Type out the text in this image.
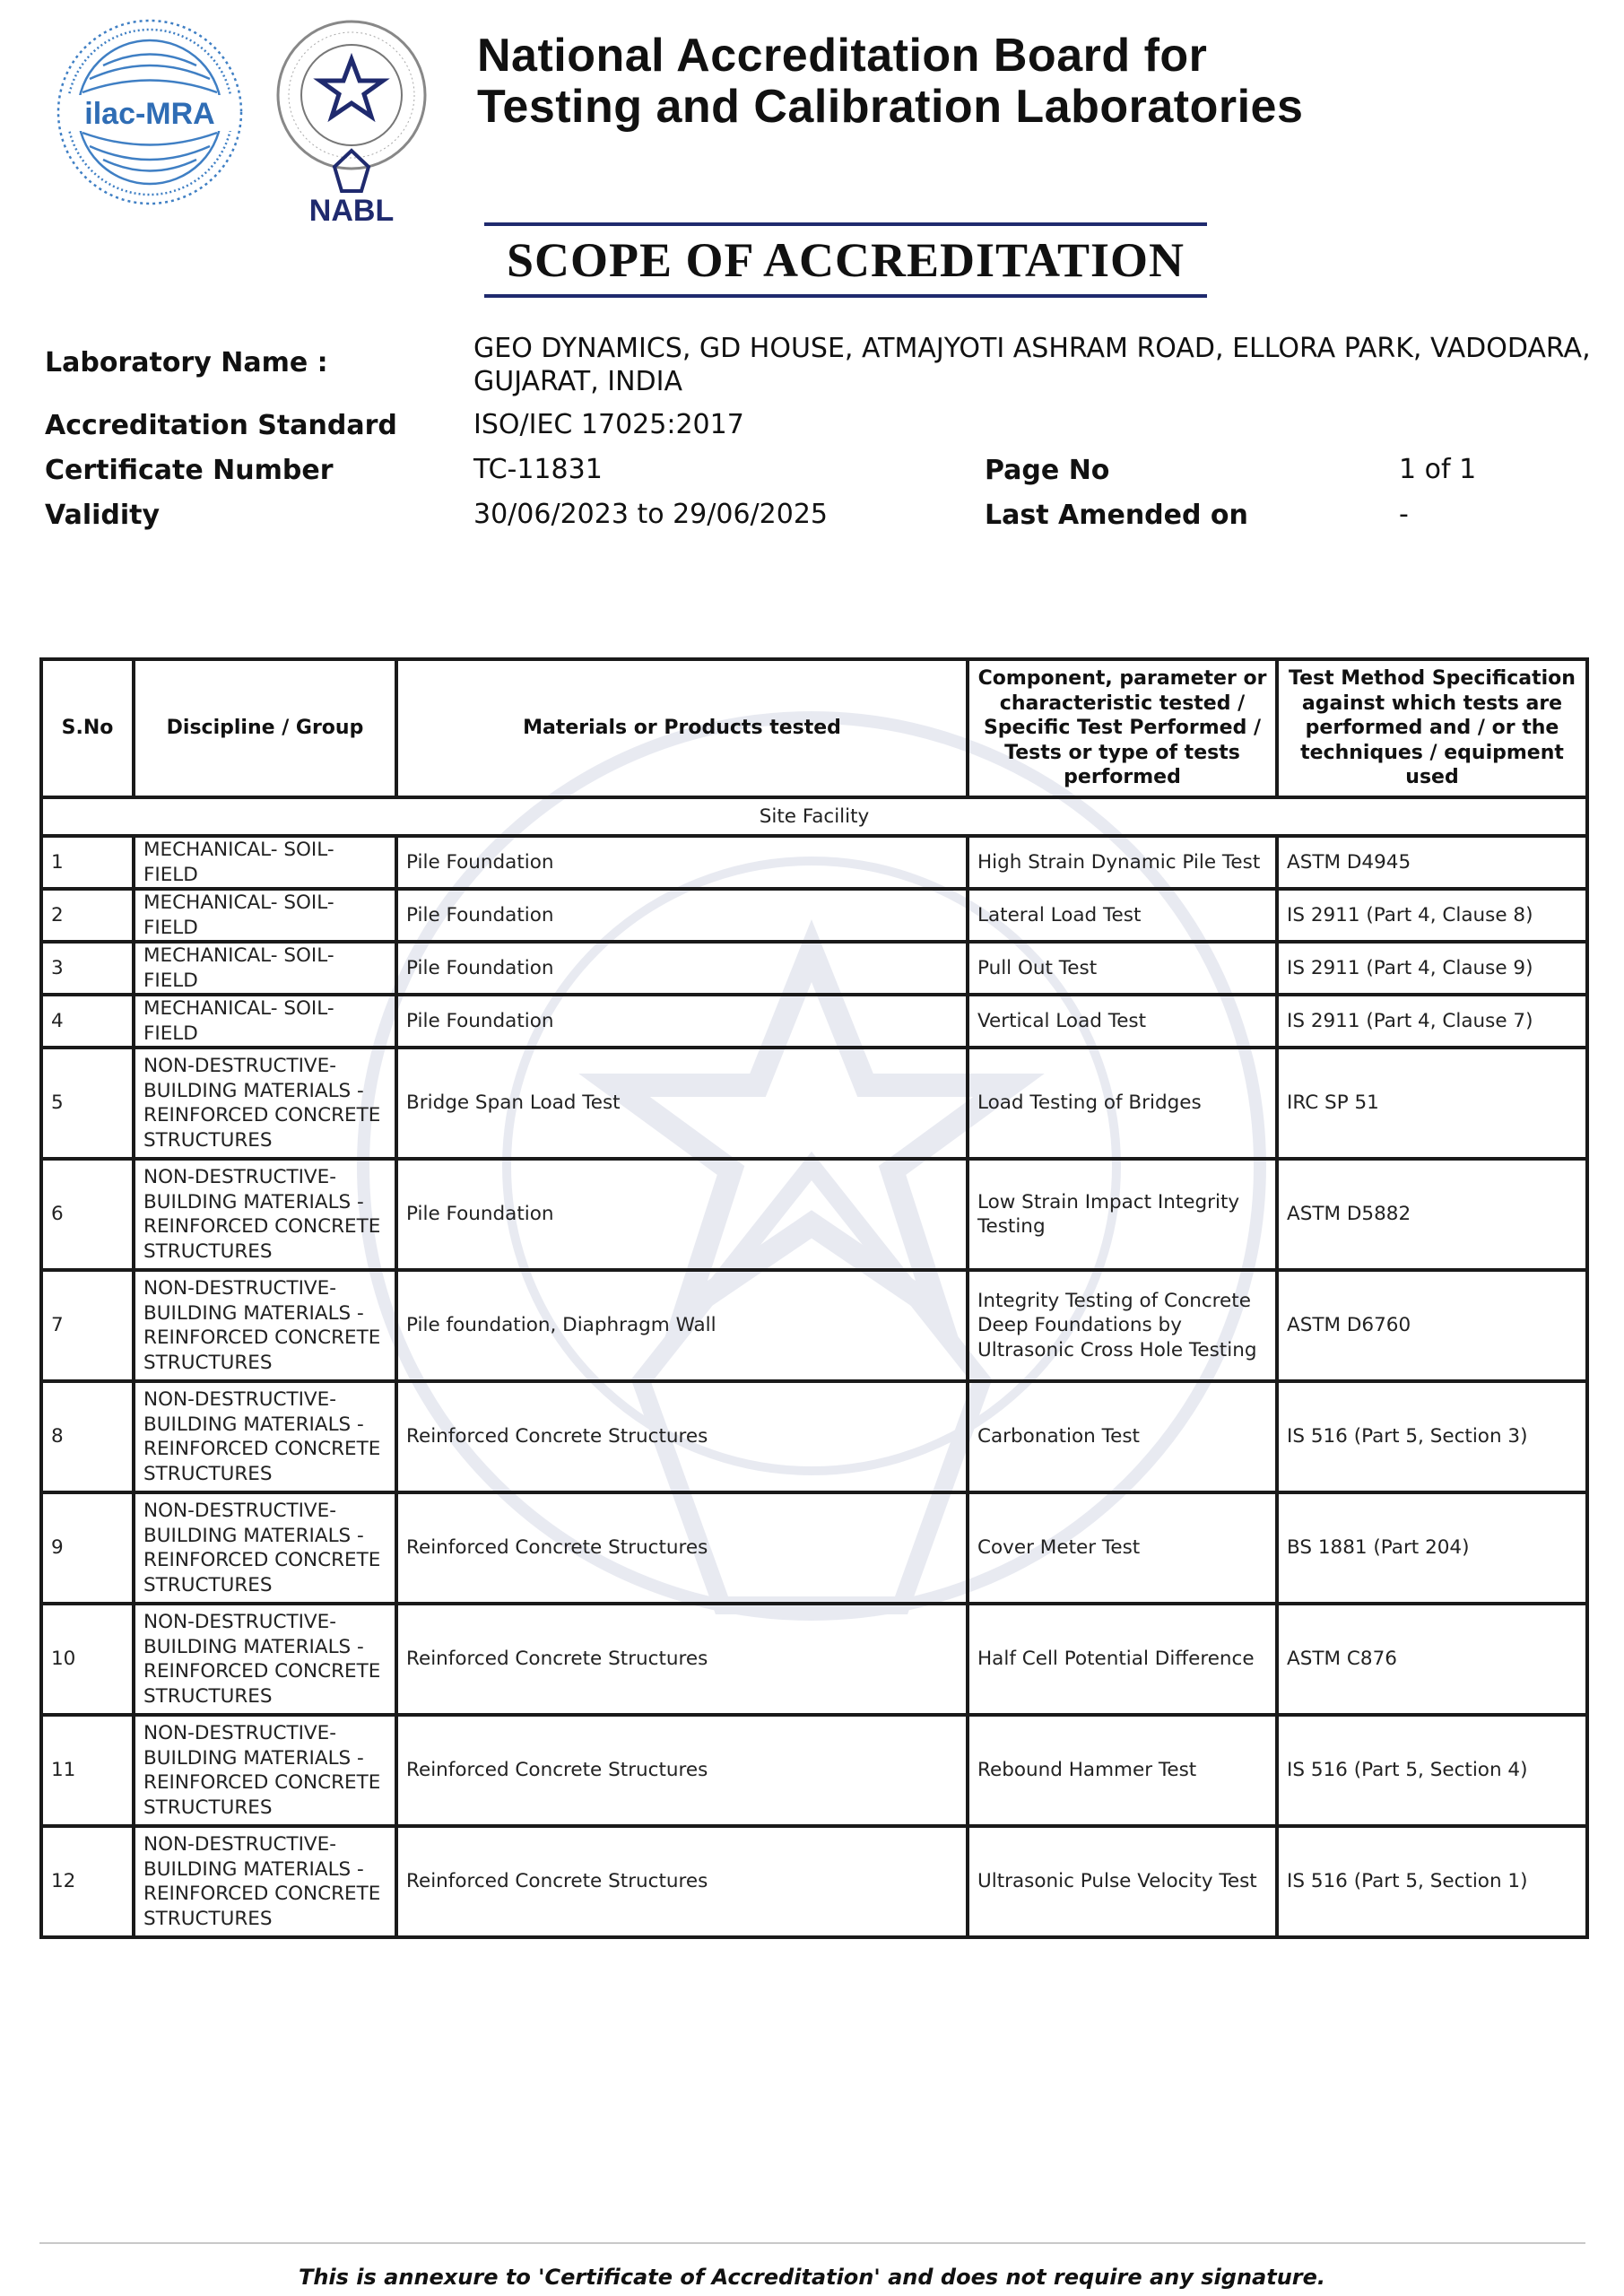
ilac-MRA
NABL
National Accreditation Board for
Testing and Calibration Laboratories
SCOPE OF ACCREDITATION
Laboratory Name :	GEO DYNAMICS, GD HOUSE, ATMAJYOTI ASHRAM ROAD, ELLORA PARK, VADODARA,
GUJARAT, INDIA
Accreditation Standard	ISO/IEC 17025:2017
Certificate Number	TC-11831	Page No	1 of 1
Validity	30/06/2023 to 29/06/2025	Last Amended on	-
S.No	Discipline / Group	Materials or Products tested	Component, parameter or characteristic tested / Specific Test Performed / Tests or type of tests performed	Test Method Specification against which tests are performed and / or the techniques / equipment used
Site Facility				
1	MECHANICAL- SOIL- FIELD	Pile Foundation	High Strain Dynamic Pile Test	ASTM D4945
2	MECHANICAL- SOIL- FIELD	Pile Foundation	Lateral Load Test	IS 2911 (Part 4, Clause 8)
3	MECHANICAL- SOIL- FIELD	Pile Foundation	Pull Out Test	IS 2911 (Part 4, Clause 9)
4	MECHANICAL- SOIL- FIELD	Pile Foundation	Vertical Load Test	IS 2911 (Part 4, Clause 7)
5	NON-DESTRUCTIVE- BUILDING MATERIALS - REINFORCED CONCRETE STRUCTURES	Bridge Span Load Test	Load Testing of Bridges	IRC SP 51
6	NON-DESTRUCTIVE- BUILDING MATERIALS - REINFORCED CONCRETE STRUCTURES	Pile Foundation	Low Strain Impact Integrity Testing	ASTM D5882
7	NON-DESTRUCTIVE- BUILDING MATERIALS - REINFORCED CONCRETE STRUCTURES	Pile foundation, Diaphragm Wall	Integrity Testing of Concrete Deep Foundations by Ultrasonic Cross Hole Testing	ASTM D6760
8	NON-DESTRUCTIVE- BUILDING MATERIALS - REINFORCED CONCRETE STRUCTURES	Reinforced Concrete Structures	Carbonation Test	IS 516 (Part 5, Section 3)
9	NON-DESTRUCTIVE- BUILDING MATERIALS - REINFORCED CONCRETE STRUCTURES	Reinforced Concrete Structures	Cover Meter Test	BS 1881 (Part 204)
10	NON-DESTRUCTIVE- BUILDING MATERIALS - REINFORCED CONCRETE STRUCTURES	Reinforced Concrete Structures	Half Cell Potential Difference	ASTM C876
11	NON-DESTRUCTIVE- BUILDING MATERIALS - REINFORCED CONCRETE STRUCTURES	Reinforced Concrete Structures	Rebound Hammer Test	IS 516 (Part 5, Section 4)
12	NON-DESTRUCTIVE- BUILDING MATERIALS - REINFORCED CONCRETE STRUCTURES	Reinforced Concrete Structures	Ultrasonic Pulse Velocity Test	IS 516 (Part 5, Section 1)
This is annexure to 'Certificate of Accreditation' and does not require any signature.
